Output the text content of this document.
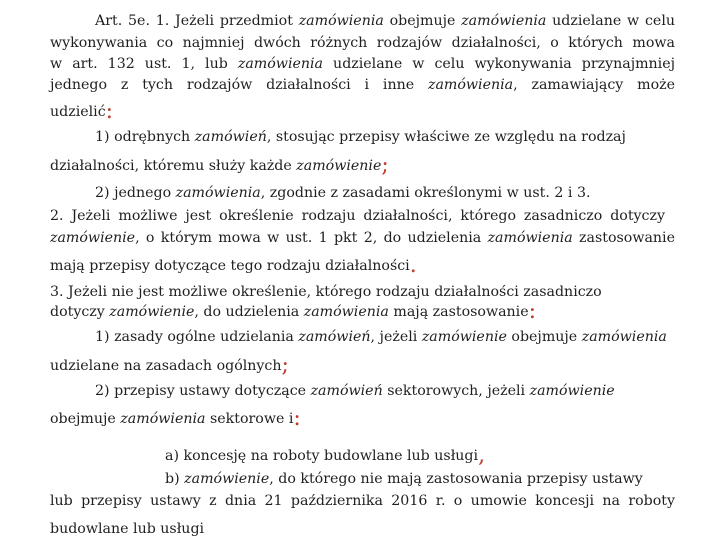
Art. 5e. 1. Jeżeli przedmiot zamówienia obejmuje zamówienia udzielane w celu
wykonywania co najmniej dwóch różnych rodzajów działalności, o których mowa
w art. 132 ust. 1, lub zamówienia udzielane w celu wykonywania przynajmniej
jednego z tych rodzajów działalności i inne zamówienia, zamawiający może
udzielić:
1) odrębnych zamówień, stosując przepisy właściwe ze względu na rodzaj
działalności, któremu służy każde zamówienie;
2) jednego zamówienia, zgodnie z zasadami określonymi w ust. 2 i 3.
2. Jeżeli możliwe jest określenie rodzaju działalności, którego zasadniczo dotyczy
zamówienie, o którym mowa w ust. 1 pkt 2, do udzielenia zamówienia zastosowanie
mają przepisy dotyczące tego rodzaju działalności.
3. Jeżeli nie jest możliwe określenie, którego rodzaju działalności zasadniczo
dotyczy zamówienie, do udzielenia zamówienia mają zastosowanie:
1) zasady ogólne udzielania zamówień, jeżeli zamówienie obejmuje zamówienia
udzielane na zasadach ogólnych;
2) przepisy ustawy dotyczące zamówień sektorowych, jeżeli zamówienie
obejmuje zamówienia sektorowe i:
a) koncesję na roboty budowlane lub usługi,
b) zamówienie, do którego nie mają zastosowania przepisy ustawy
lub przepisy ustawy z dnia 21 października 2016 r. o umowie koncesji na roboty
budowlane lub usługi
